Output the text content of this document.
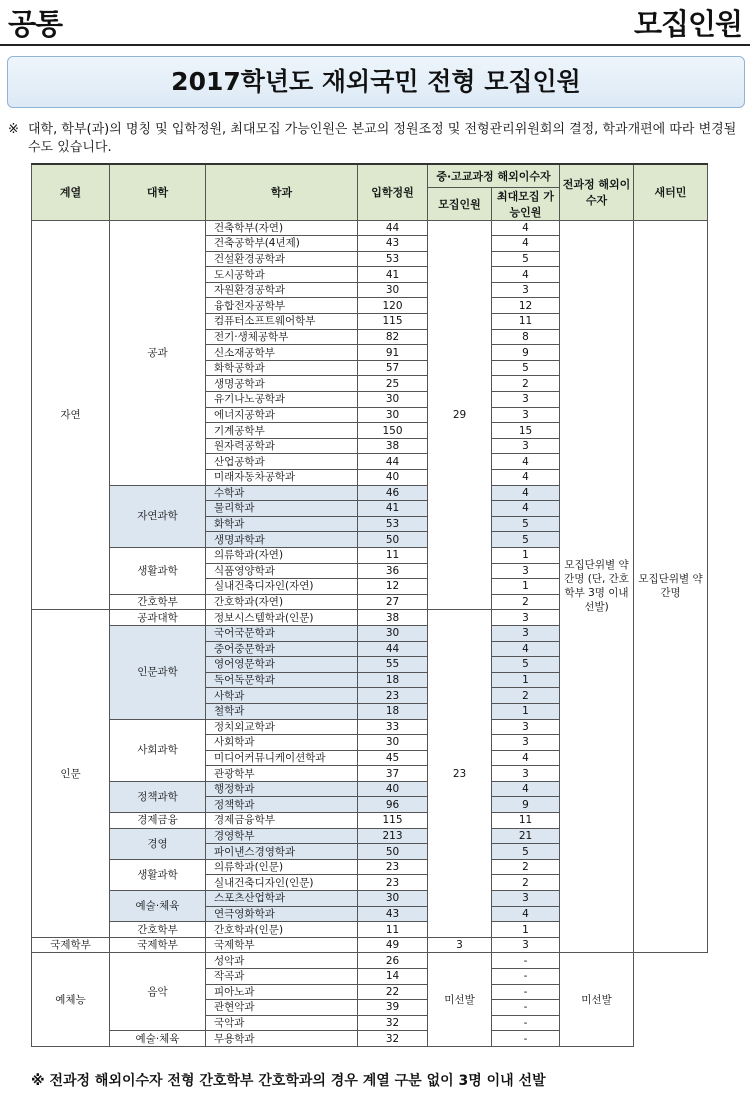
공통	모집인원
2017학년도 재외국민 전형 모집인원
※ 대학, 학부(과)의 명칭 및 입학정원, 최대모집 가능인원은 본교의 정원조정 및 전형관리위원회의 결정, 학과개편에 따라 변경될 수도 있습니다.
계열	대학	학과	입학정원	중·고교과정 해외이수자		전과정 해외이수자	새터민
				모집인원	최대모집 가능인원		
자연	공과	건축학부(자연)	44	29	4	모집단위별 약간명 (단, 간호학부 3명 이내 선발)	모집단위별 약간명
		건축공학부(4년제)	43		4		
		건설환경공학과	53		5		
		도시공학과	41		4		
		자원환경공학과	30		3		
		융합전자공학부	120		12		
		컴퓨터소프트웨어학부	115		11		
		전기·생체공학부	82		8		
		신소재공학부	91		9		
		화학공학과	57		5		
		생명공학과	25		2		
		유기나노공학과	30		3		
		에너지공학과	30		3		
		기계공학부	150		15		
		원자력공학과	38		3		
		산업공학과	44		4		
		미래자동차공학과	40		4		
	자연과학	수학과	46		4		
		물리학과	41		4		
		화학과	53		5		
		생명과학과	50		5		
	생활과학	의류학과(자연)	11		1		
		식품영양학과	36		3		
		실내건축디자인(자연)	12		1		
	간호학부	간호학과(자연)	27		2		
인문	공과대학	정보시스템학과(인문)	38	23	3		
	인문과학	국어국문학과	30		3		
		중어중문학과	44		4		
		영어영문학과	55		5		
		독어독문학과	18		1		
		사학과	23		2		
		철학과	18		1		
	사회과학	정치외교학과	33		3		
		사회학과	30		3		
		미디어커뮤니케이션학과	45		4		
		관광학부	37		3		
	정책과학	행정학과	40		4		
		정책학과	96		9		
	경제금융	경제금융학부	115		11		
	경영	경영학부	213		21		
		파이낸스경영학과	50		5		
	생활과학	의류학과(인문)	23		2		
		실내건축디자인(인문)	23		2		
	예술·체육	스포츠산업학과	30		3		
		연극영화학과	43		4		
	간호학부	간호학과(인문)	11		1		
국제학부	국제학부	국제학부	49	3	3		
예체능	음악	성악과	26	미선발	-	미선발	
		작곡과	14		-		
		피아노과	22		-		
		관현악과	39		-		
		국악과	32		-		
	예술·체육	무용학과	32		-		
※ 전과정 해외이수자 전형 간호학부 간호학과의 경우 계열 구분 없이 3명 이내 선발
